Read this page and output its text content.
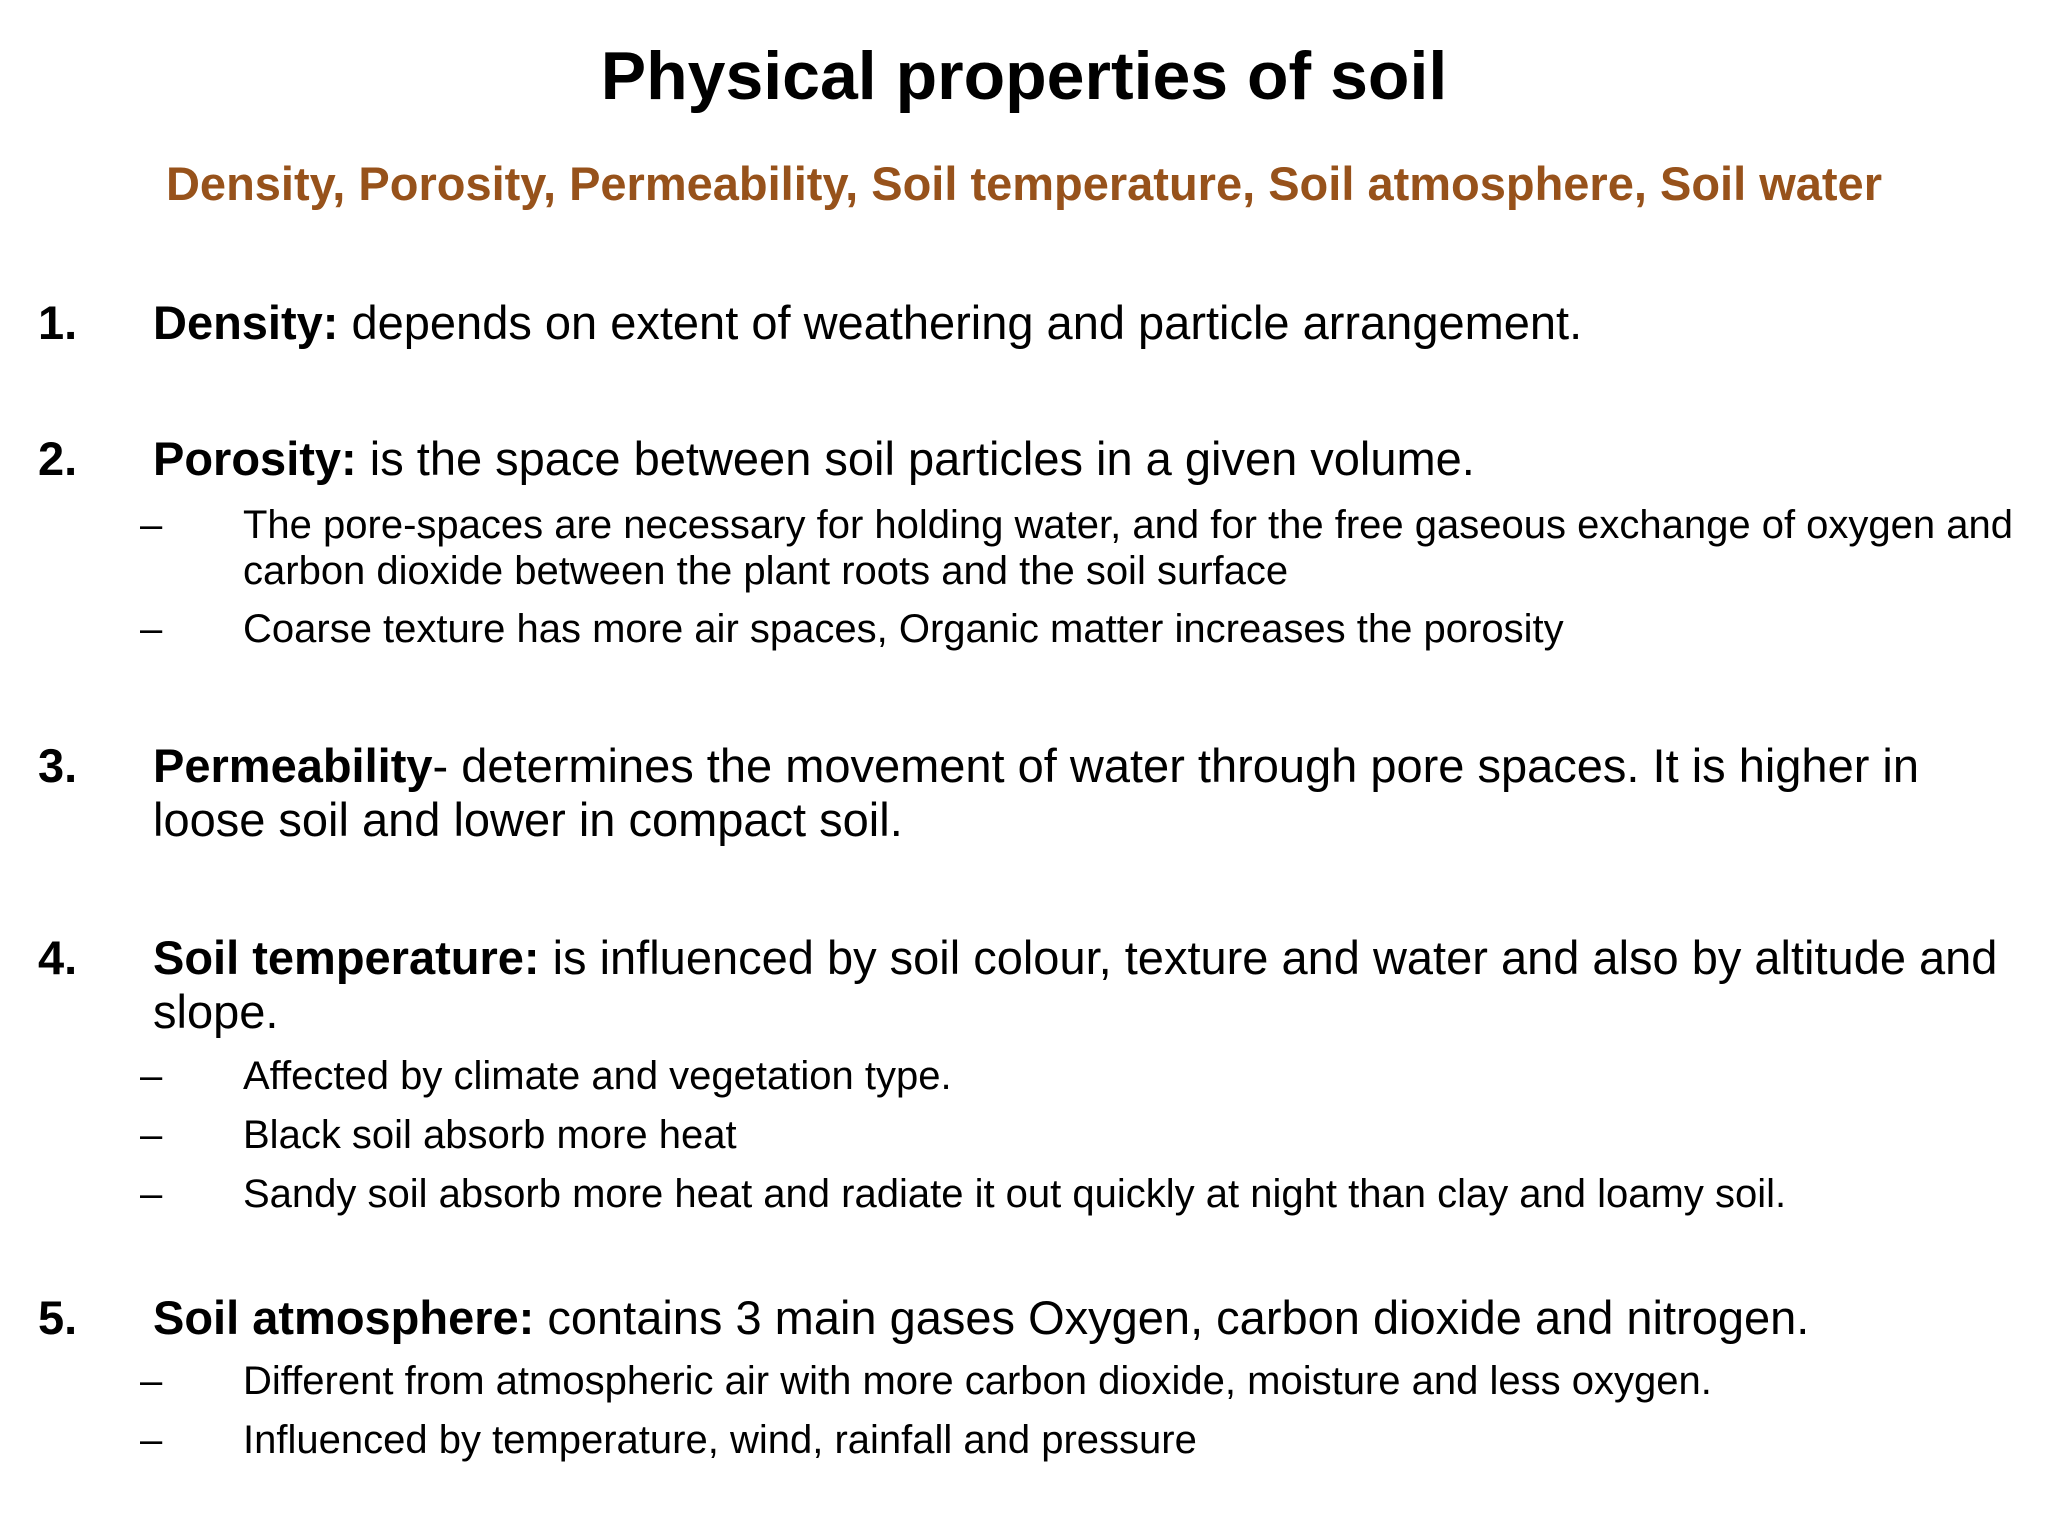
Physical properties of soil
Density, Porosity, Permeability, Soil temperature, Soil atmosphere, Soil water
1. Density: depends on extent of weathering and particle arrangement.
2. Porosity: is the space between soil particles in a given volume.
– The pore-spaces are necessary for holding water, and for the free gaseous exchange of oxygen and carbon dioxide between the plant roots and the soil surface
– Coarse texture has more air spaces, Organic matter increases the porosity
3. Permeability- determines the movement of water through pore spaces. It is higher in loose soil and lower in compact soil.
4. Soil temperature: is influenced by soil colour, texture and water and also by altitude and slope.
– Affected by climate and vegetation type.
– Black soil absorb more heat
– Sandy soil absorb more heat and radiate it out quickly at night than clay and loamy soil.
5. Soil atmosphere: contains 3 main gases Oxygen, carbon dioxide and nitrogen.
– Different from atmospheric air with more carbon dioxide, moisture and less oxygen.
– Influenced by temperature, wind, rainfall and pressure
